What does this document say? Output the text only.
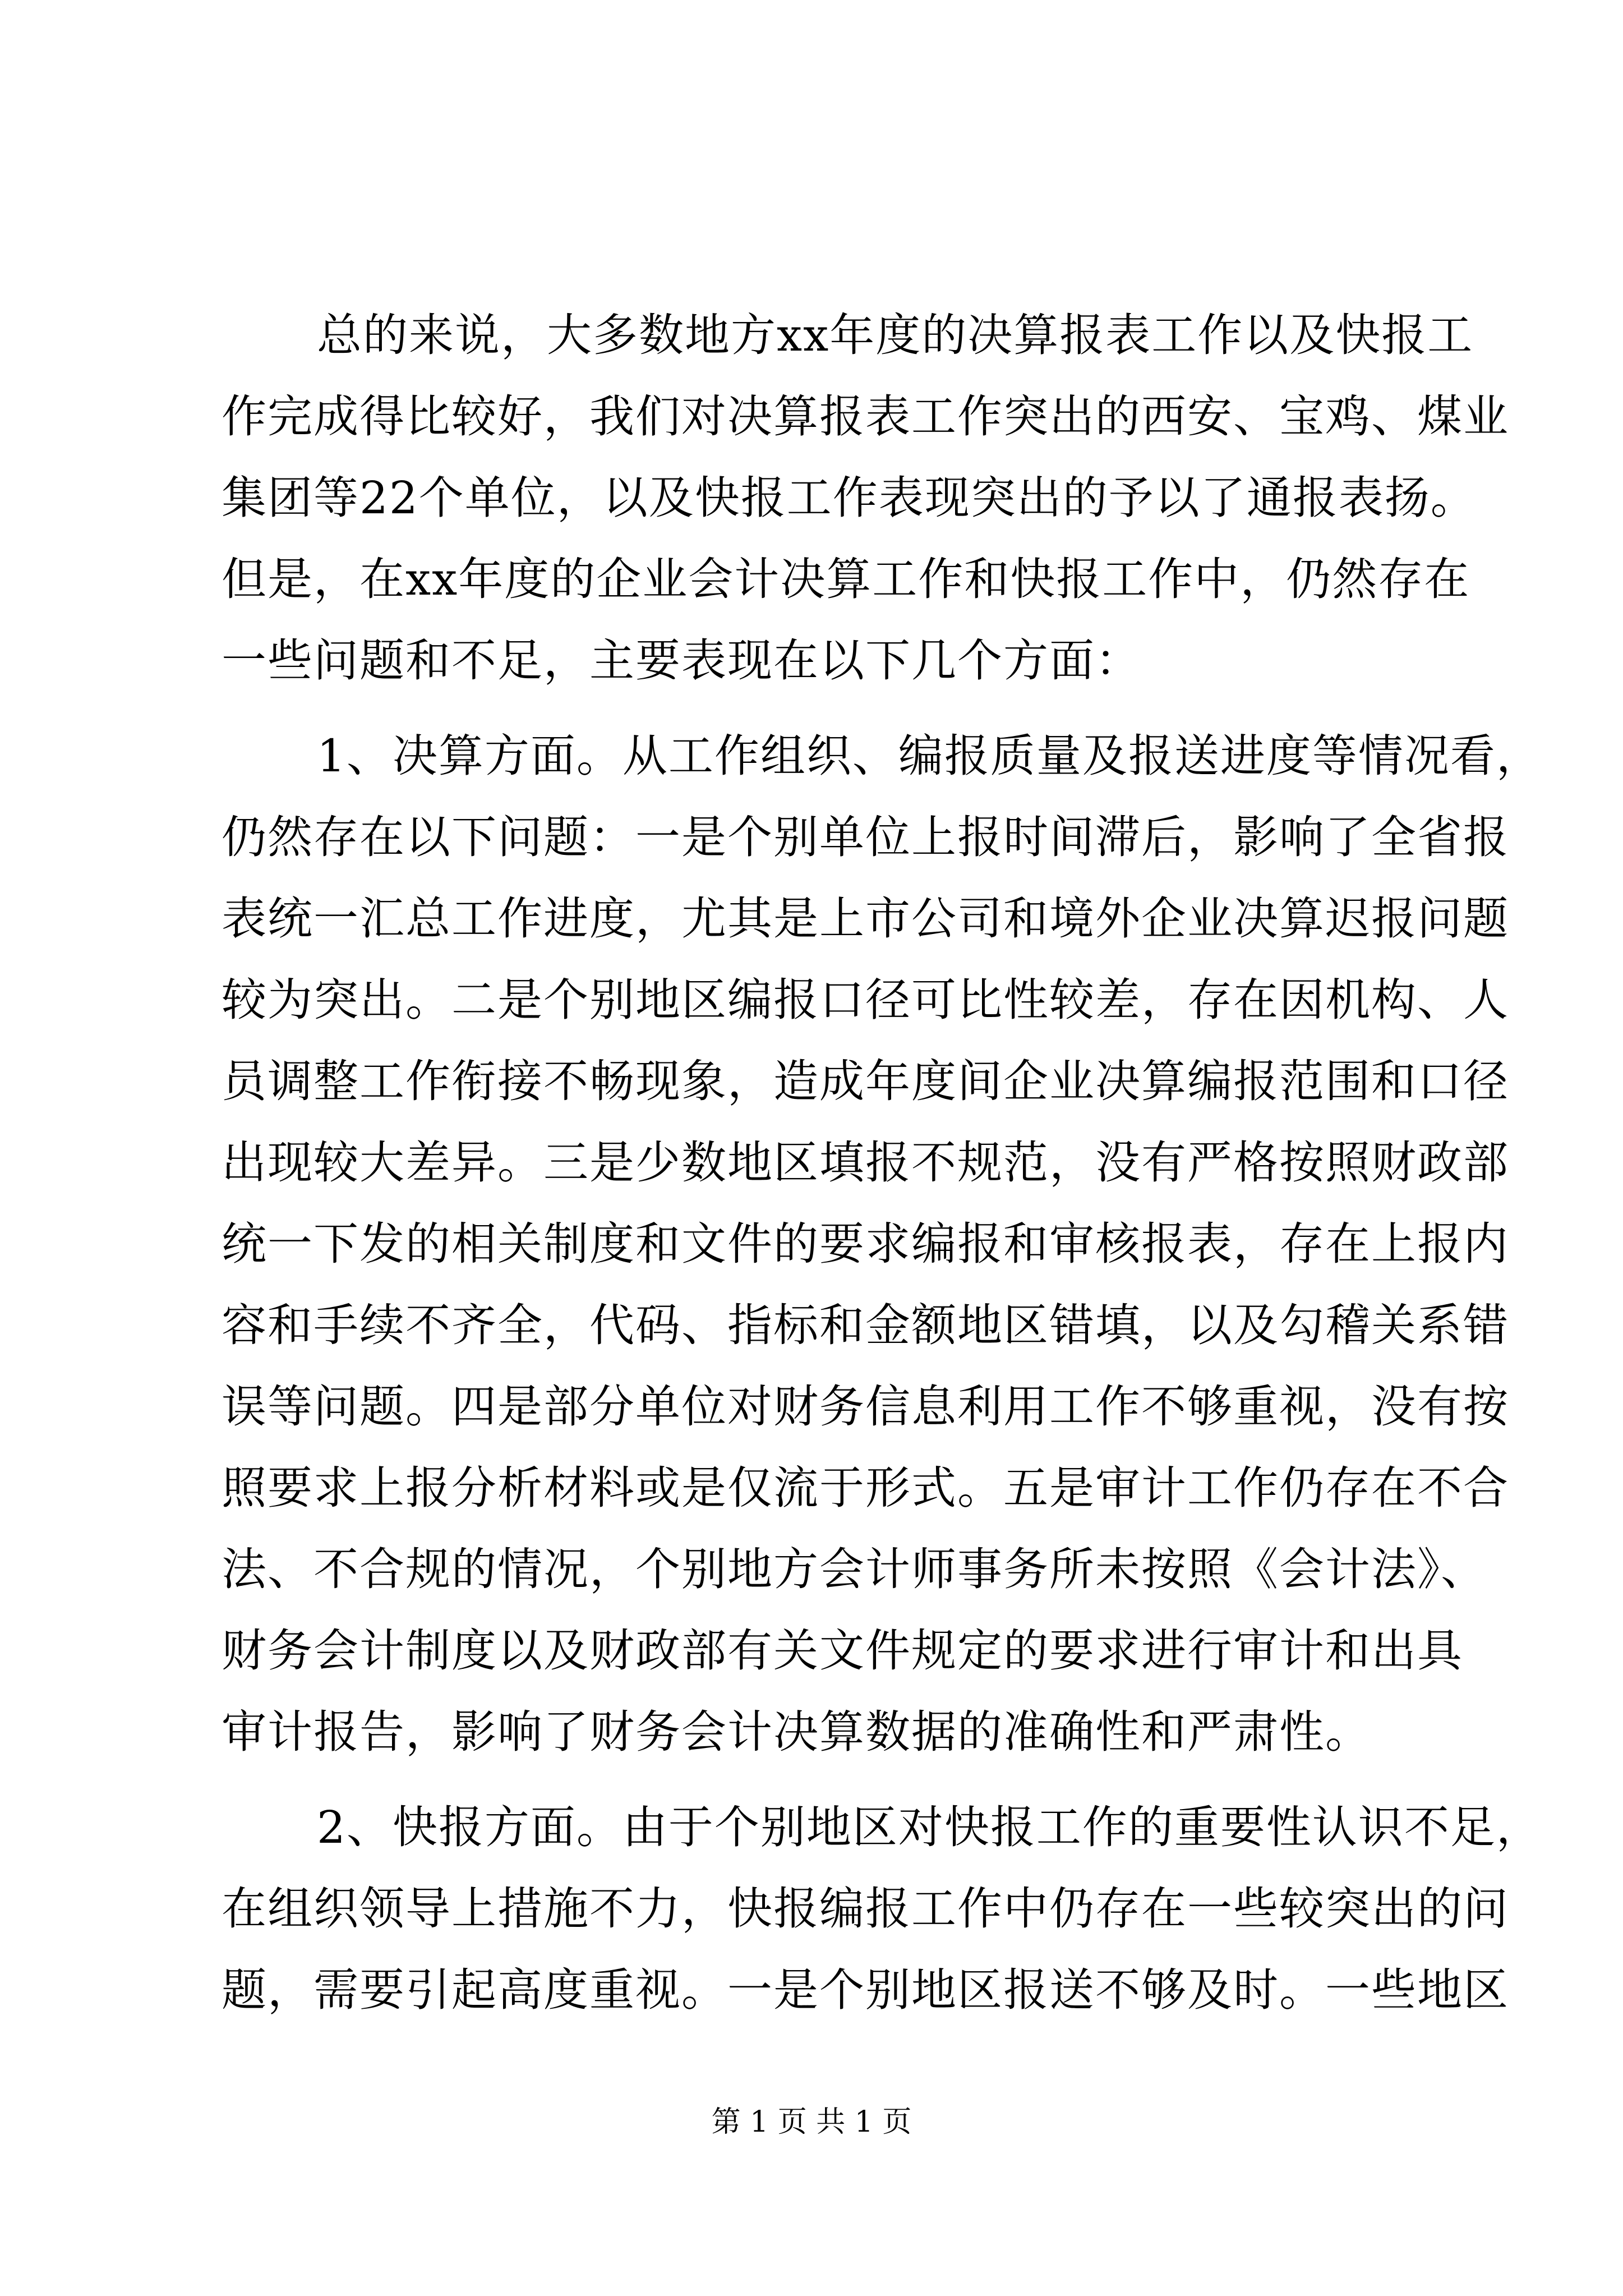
总的来说，大多数地方xx年度的决算报表工作以及快报工
作完成得比较好，我们对决算报表工作突出的西安、宝鸡、煤业
集团等22个单位，以及快报工作表现突出的予以了通报表扬。
但是，在xx年度的企业会计决算工作和快报工作中，仍然存在
一些问题和不足，主要表现在以下几个方面：
1、决算方面。从工作组织、编报质量及报送进度等情况看，
仍然存在以下问题：一是个别单位上报时间滞后，影响了全省报
表统一汇总工作进度，尤其是上市公司和境外企业决算迟报问题
较为突出。二是个别地区编报口径可比性较差，存在因机构、人
员调整工作衔接不畅现象，造成年度间企业决算编报范围和口径
出现较大差异。三是少数地区填报不规范，没有严格按照财政部
统一下发的相关制度和文件的要求编报和审核报表，存在上报内
容和手续不齐全，代码、指标和金额地区错填，以及勾稽关系错
误等问题。四是部分单位对财务信息利用工作不够重视，没有按
照要求上报分析材料或是仅流于形式。五是审计工作仍存在不合
法、不合规的情况，个别地方会计师事务所未按照《会计法》、
财务会计制度以及财政部有关文件规定的要求进行审计和出具
审计报告，影响了财务会计决算数据的准确性和严肃性。
2、快报方面。由于个别地区对快报工作的重要性认识不足，
在组织领导上措施不力，快报编报工作中仍存在一些较突出的问
题，需要引起高度重视。一是个别地区报送不够及时。一些地区
第 1 页 共 1 页
